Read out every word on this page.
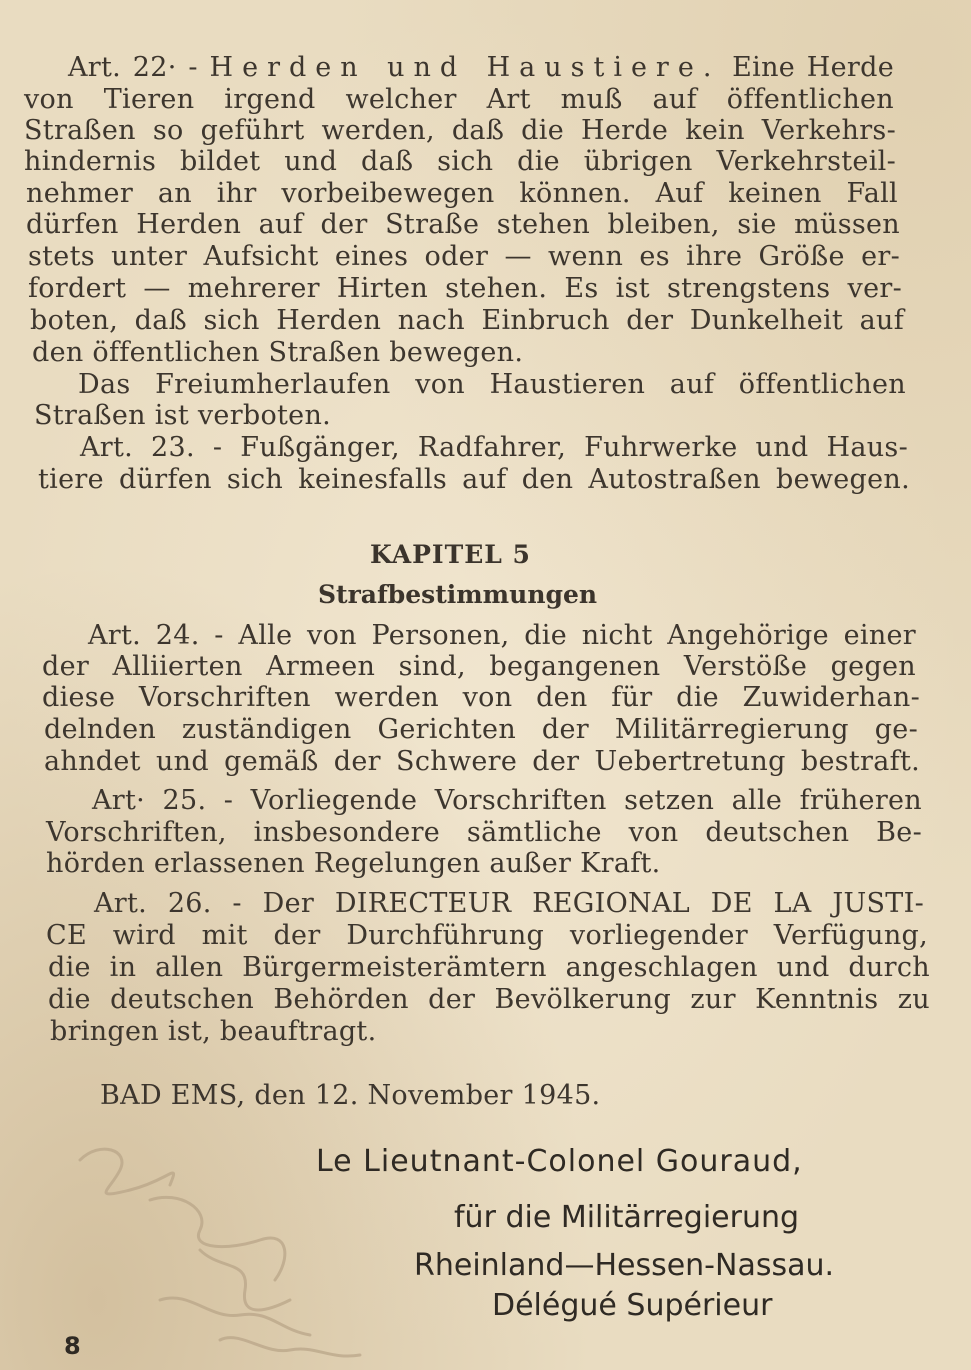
Art. 22· - Herden und Haustiere. Eine Herde
von Tieren irgend welcher Art muß auf öffentlichen
Straßen so geführt werden, daß die Herde kein Verkehrs-
hindernis bildet und daß sich die übrigen Verkehrsteil-
nehmer an ihr vorbeibewegen können. Auf keinen Fall
dürfen Herden auf der Straße stehen bleiben, sie müssen
stets unter Aufsicht eines oder — wenn es ihre Größe er-
fordert — mehrerer Hirten stehen. Es ist strengstens ver-
boten, daß sich Herden nach Einbruch der Dunkelheit auf
den öffentlichen Straßen bewegen.
Das Freiumherlaufen von Haustieren auf öffentlichen
Straßen ist verboten.
Art. 23. - Fußgänger, Radfahrer, Fuhrwerke und Haus-
tiere dürfen sich keinesfalls auf den Autostraßen bewegen.
KAPITEL 5
Strafbestimmungen
Art. 24. - Alle von Personen, die nicht Angehörige einer
der Alliierten Armeen sind, begangenen Verstöße gegen
diese Vorschriften werden von den für die Zuwiderhan-
delnden zuständigen Gerichten der Militärregierung ge-
ahndet und gemäß der Schwere der Uebertretung bestraft.
Art· 25. - Vorliegende Vorschriften setzen alle früheren
Vorschriften, insbesondere sämtliche von deutschen Be-
hörden erlassenen Regelungen außer Kraft.
Art. 26. - Der DIRECTEUR REGIONAL DE LA JUSTI-
CE wird mit der Durchführung vorliegender Verfügung,
die in allen Bürgermeisterämtern angeschlagen und durch
die deutschen Behörden der Bevölkerung zur Kenntnis zu
bringen ist, beauftragt.
BAD EMS, den 12. November 1945.
Le Lieutnant-Colonel Gouraud,
für die Militärregierung
Rheinland—Hessen-Nassau.
Délégué Supérieur
8
